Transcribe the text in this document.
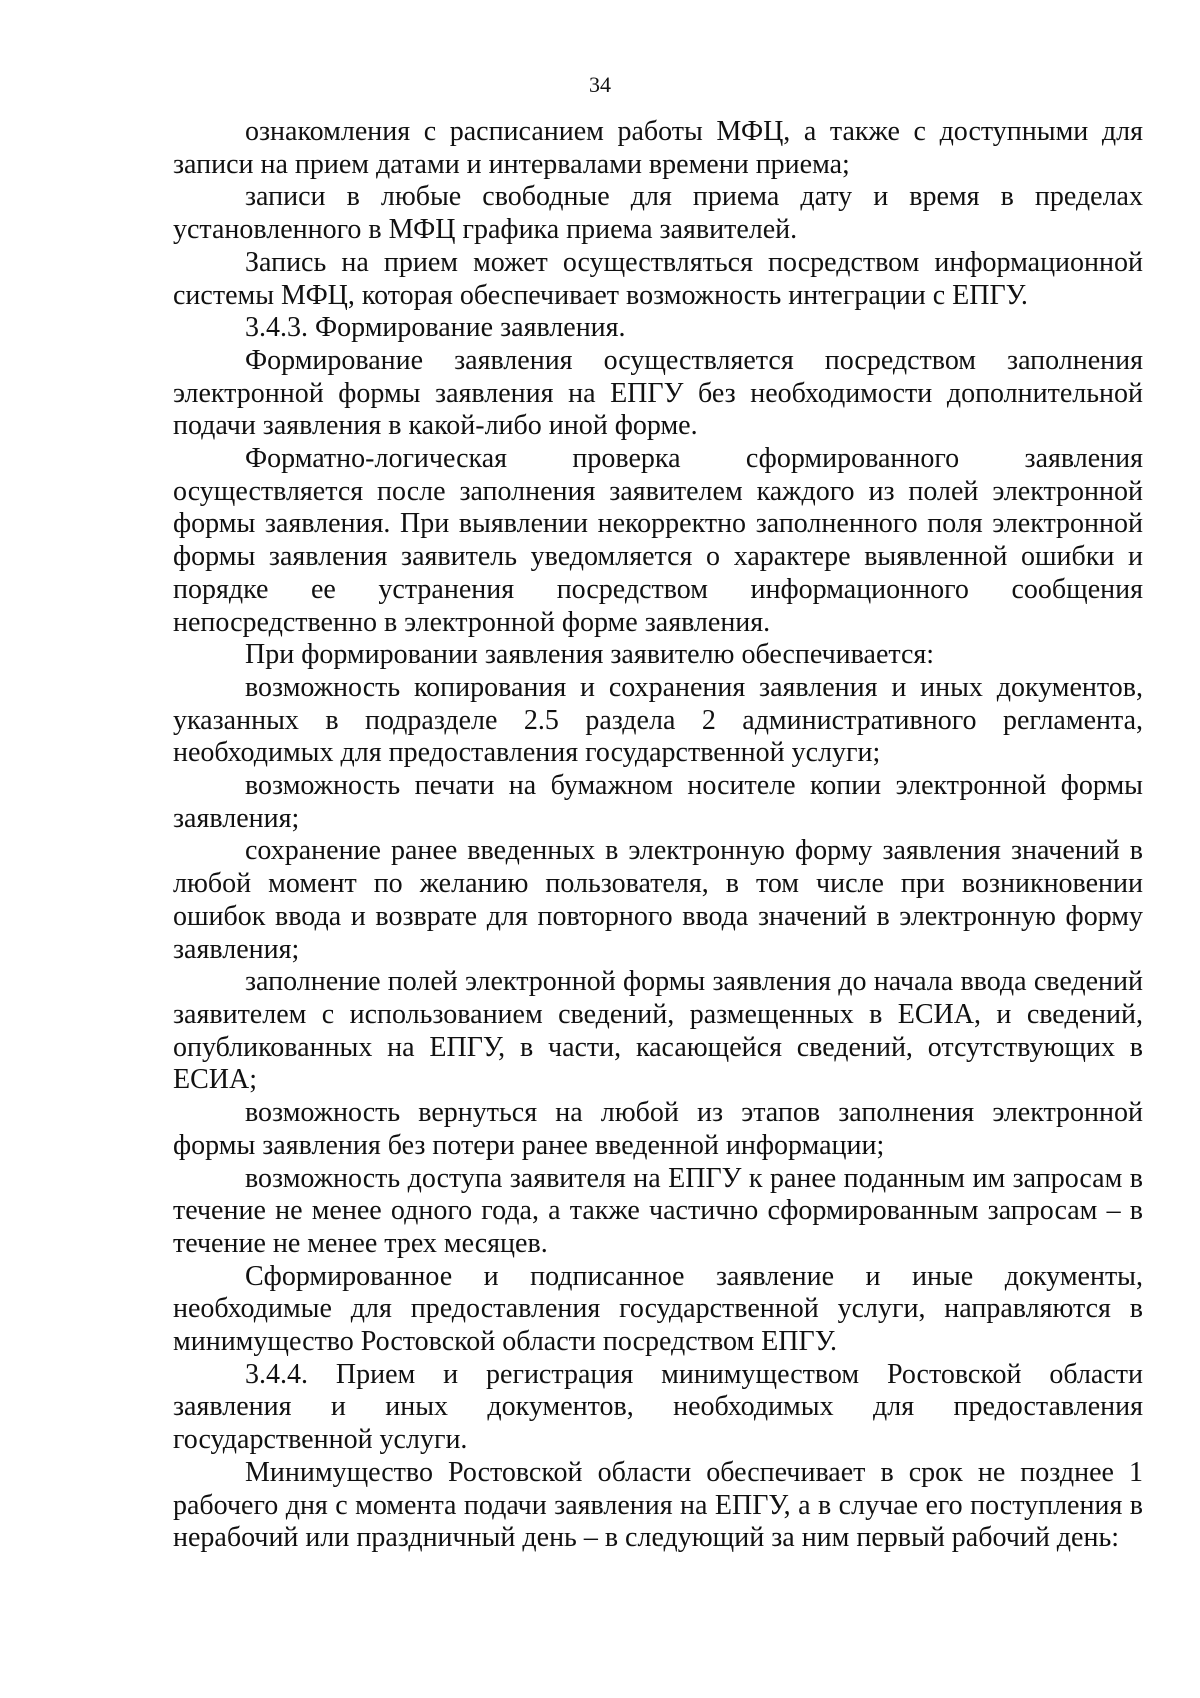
34

ознакомления с расписанием работы МФЦ, а также с доступными для записи на прием датами и интервалами времени приема;

записи в любые свободные для приема дату и время в пределах установленного в МФЦ графика приема заявителей.

Запись на прием может осуществляться посредством информационной системы МФЦ, которая обеспечивает возможность интеграции с ЕПГУ.

3.4.3. Формирование заявления.

Формирование заявления осуществляется посредством заполнения электронной формы заявления на ЕПГУ без необходимости дополнительной подачи заявления в какой-либо иной форме.

Форматно-логическая проверка сформированного заявления осуществляется после заполнения заявителем каждого из полей электронной формы заявления. При выявлении некорректно заполненного поля электронной формы заявления заявитель уведомляется о характере выявленной ошибки и порядке ее устранения посредством информационного сообщения непосредственно в электронной форме заявления.

При формировании заявления заявителю обеспечивается:

возможность копирования и сохранения заявления и иных документов, указанных в подразделе 2.5 раздела 2 административного регламента, необходимых для предоставления государственной услуги;

возможность печати на бумажном носителе копии электронной формы заявления;

сохранение ранее введенных в электронную форму заявления значений в любой момент по желанию пользователя, в том числе при возникновении ошибок ввода и возврате для повторного ввода значений в электронную форму заявления;

заполнение полей электронной формы заявления до начала ввода сведений заявителем с использованием сведений, размещенных в ЕСИА, и сведений, опубликованных на ЕПГУ, в части, касающейся сведений, отсутствующих в ЕСИА;

возможность вернуться на любой из этапов заполнения электронной формы заявления без потери ранее введенной информации;

возможность доступа заявителя на ЕПГУ к ранее поданным им запросам в течение не менее одного года, а также частично сформированным запросам – в течение не менее трех месяцев.

Сформированное и подписанное заявление и иные документы, необходимые для предоставления государственной услуги, направляются в минимущество Ростовской области посредством ЕПГУ.

3.4.4. Прием и регистрация минимуществом Ростовской области заявления и иных документов, необходимых для предоставления государственной услуги.

Минимущество Ростовской области обеспечивает в срок не позднее 1 рабочего дня с момента подачи заявления на ЕПГУ, а в случае его поступления в нерабочий или праздничный день – в следующий за ним первый рабочий день:
